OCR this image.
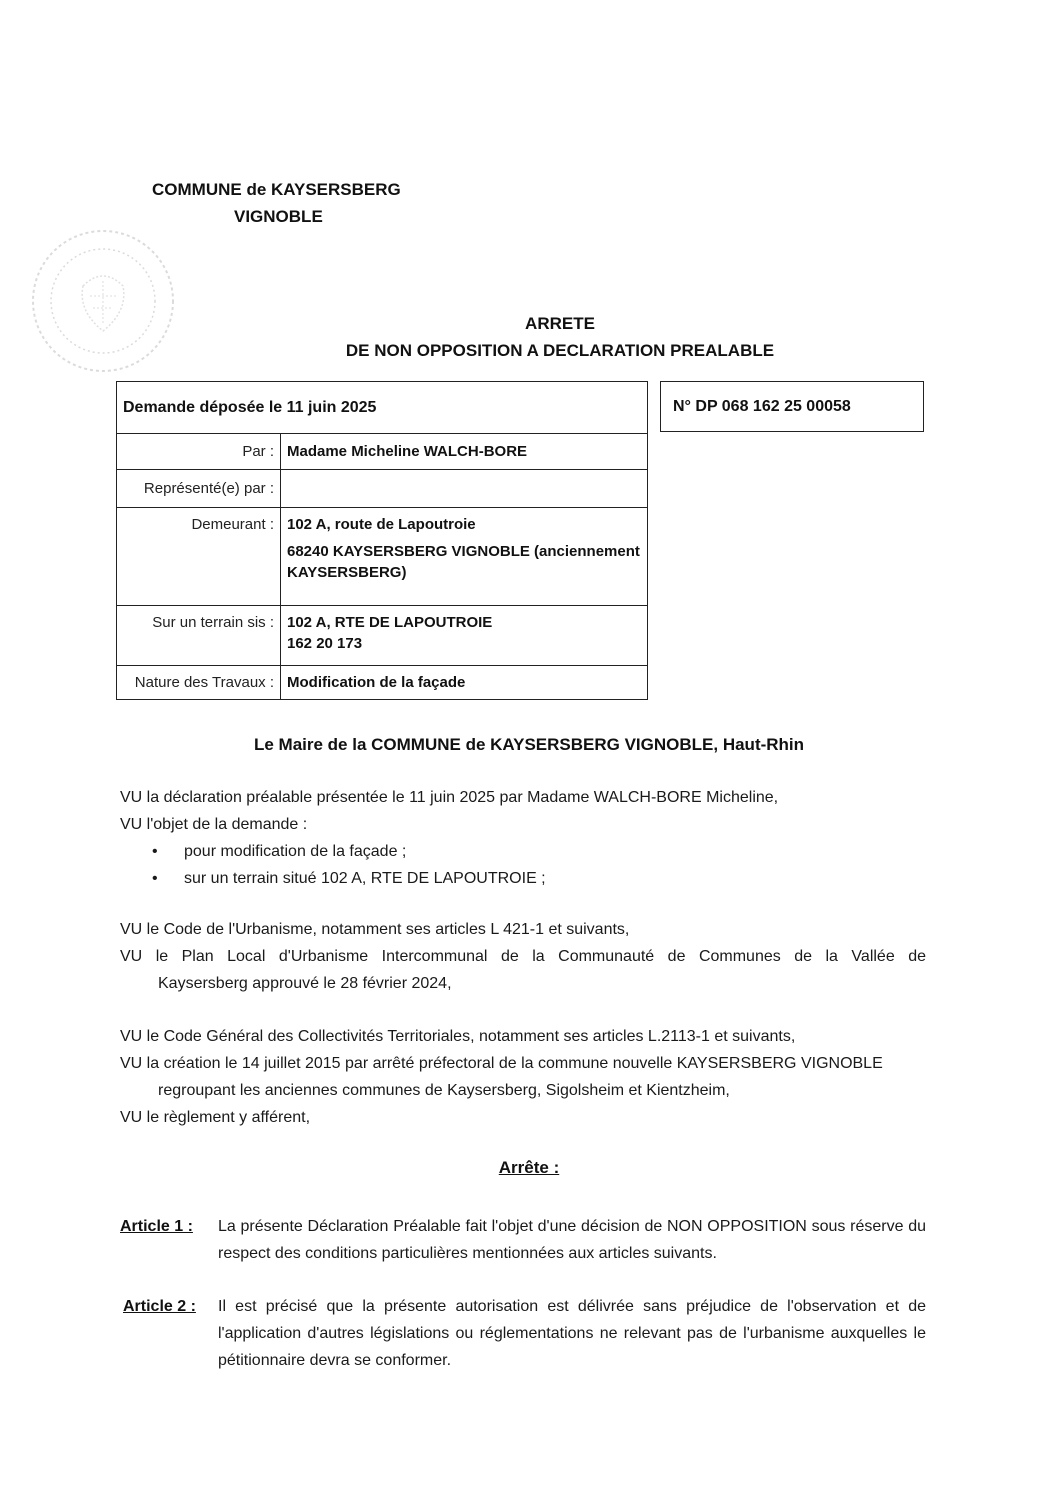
COMMUNE de KAYSERSBERG
VIGNOBLE
ARRETE
DE NON OPPOSITION A DECLARATION PREALABLE
Demande déposée le 11 juin 2025	
Par :	Madame Micheline WALCH-BORE
Représenté(e) par :	
Demeurant :	102 A, route de Lapoutroie
68240 KAYSERSBERG VIGNOBLE (anciennement
KAYSERSBERG)

Sur un terrain sis :	102 A, RTE DE LAPOUTROIE
162 20 173

Nature des Travaux :	Modification de la façade
N° DP 068 162 25 00058
Le Maire de la COMMUNE de KAYSERSBERG VIGNOBLE, Haut-Rhin
VU la déclaration préalable présentée le 11 juin 2025 par Madame WALCH-BORE Micheline,
VU l'objet de la demande :
• pour modification de la façade ;
• sur un terrain situé 102 A, RTE DE LAPOUTROIE ;
VU le Code de l'Urbanisme, notamment ses articles L 421-1 et suivants,
VU le Plan Local d'Urbanisme Intercommunal de la Communauté de Communes de la Vallée de
Kaysersberg approuvé le 28 février 2024,
VU le Code Général des Collectivités Territoriales, notamment ses articles L.2113-1 et suivants,
VU la création le 14 juillet 2015 par arrêté préfectoral de la commune nouvelle KAYSERSBERG VIGNOBLE
regroupant les anciennes communes de Kaysersberg, Sigolsheim et Kientzheim,
VU le règlement y afférent,
Arrête :
Article 1 : La présente Déclaration Préalable fait l'objet d'une décision de NON OPPOSITION sous réserve du respect des conditions particulières mentionnées aux articles suivants.
Article 2 : Il est précisé que la présente autorisation est délivrée sans préjudice de l'observation et de l'application d'autres législations ou réglementations ne relevant pas de l'urbanisme auxquelles le pétitionnaire devra se conformer.
